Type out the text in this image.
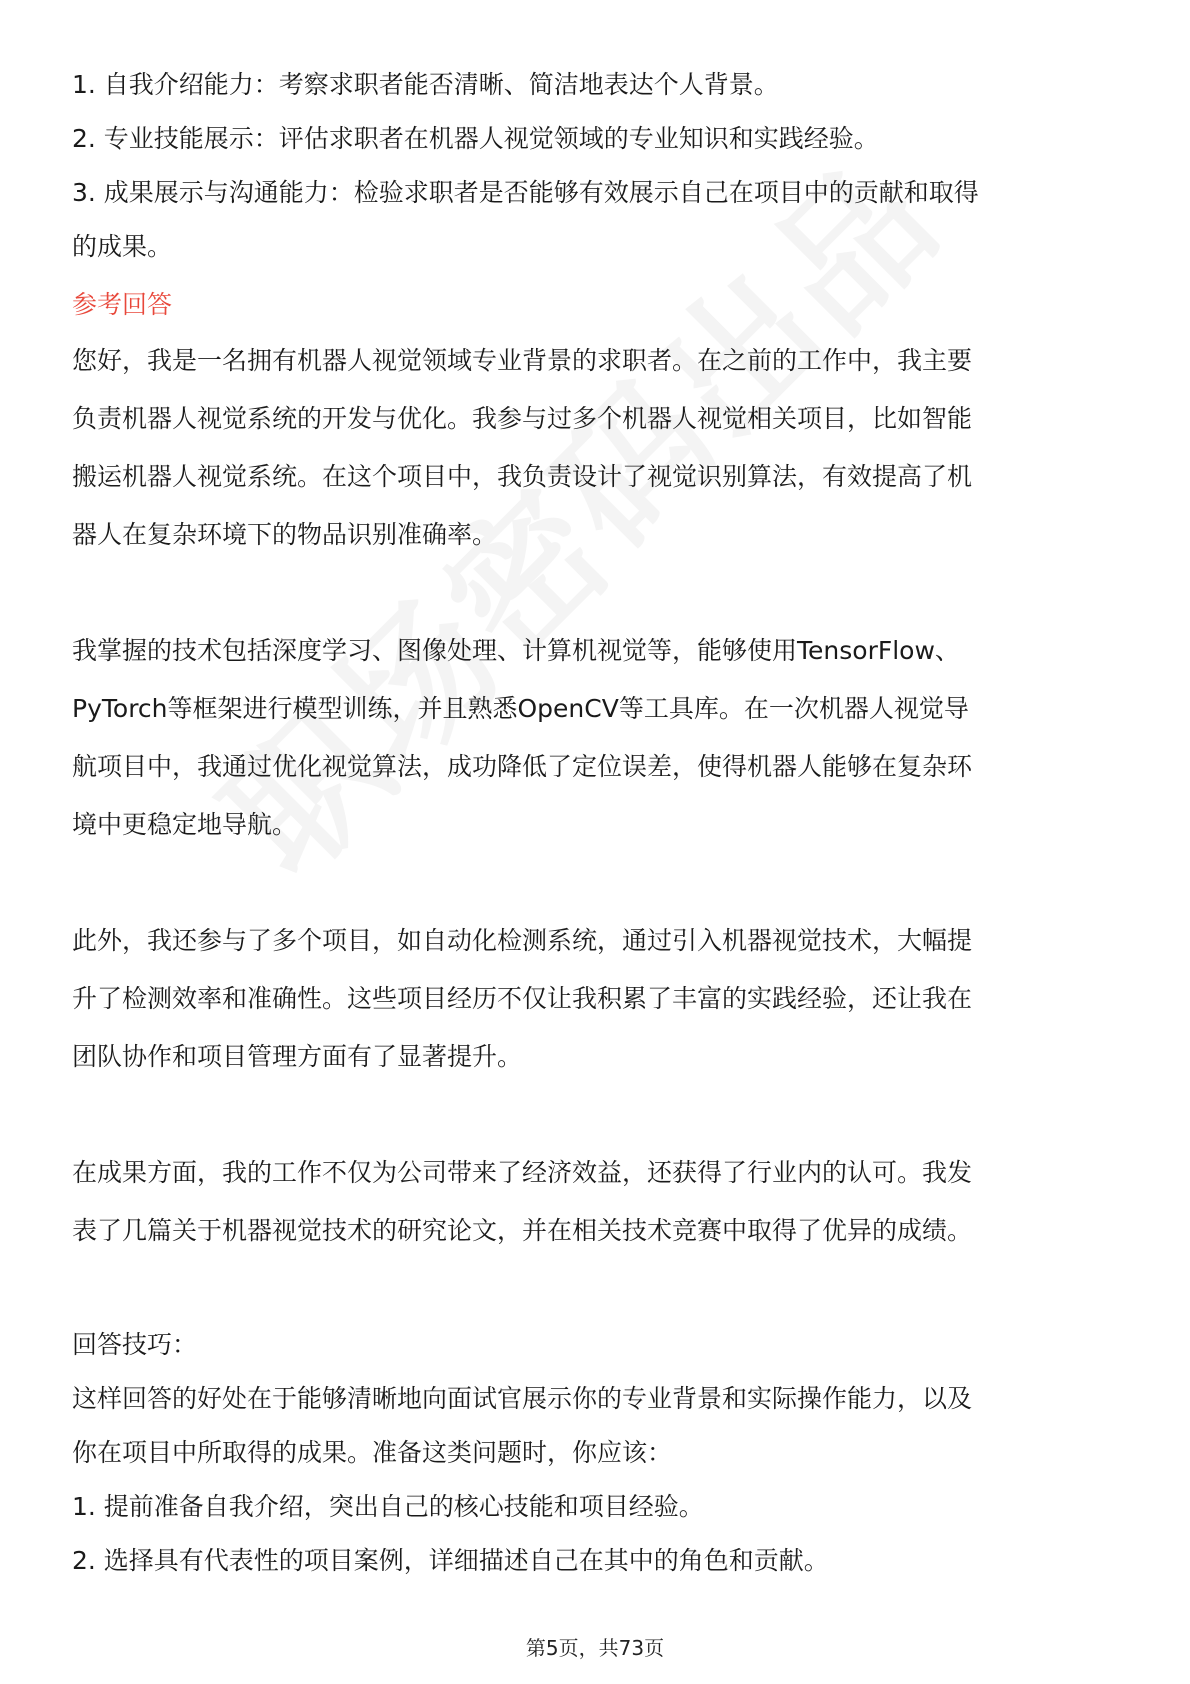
1. 自我介绍能力：考察求职者能否清晰、简洁地表达个人背景。
2. 专业技能展示：评估求职者在机器人视觉领域的专业知识和实践经验。
3. 成果展示与沟通能力：检验求职者是否能够有效展示自己在项目中的贡献和取得
的成果。
参考回答
您好，我是一名拥有机器人视觉领域专业背景的求职者。在之前的工作中，我主要
负责机器人视觉系统的开发与优化。我参与过多个机器人视觉相关项目，比如智能
搬运机器人视觉系统。在这个项目中，我负责设计了视觉识别算法，有效提高了机
器人在复杂环境下的物品识别准确率。
我掌握的技术包括深度学习、图像处理、计算机视觉等，能够使用TensorFlow、
PyTorch等框架进行模型训练，并且熟悉OpenCV等工具库。在一次机器人视觉导
航项目中，我通过优化视觉算法，成功降低了定位误差，使得机器人能够在复杂环
境中更稳定地导航。
此外，我还参与了多个项目，如自动化检测系统，通过引入机器视觉技术，大幅提
升了检测效率和准确性。这些项目经历不仅让我积累了丰富的实践经验，还让我在
团队协作和项目管理方面有了显著提升。
在成果方面，我的工作不仅为公司带来了经济效益，还获得了行业内的认可。我发
表了几篇关于机器视觉技术的研究论文，并在相关技术竞赛中取得了优异的成绩。
回答技巧：
这样回答的好处在于能够清晰地向面试官展示你的专业背景和实际操作能力，以及
你在项目中所取得的成果。准备这类问题时，你应该：
1. 提前准备自我介绍，突出自己的核心技能和项目经验。
2. 选择具有代表性的项目案例，详细描述自己在其中的角色和贡献。
第5页，共73页
